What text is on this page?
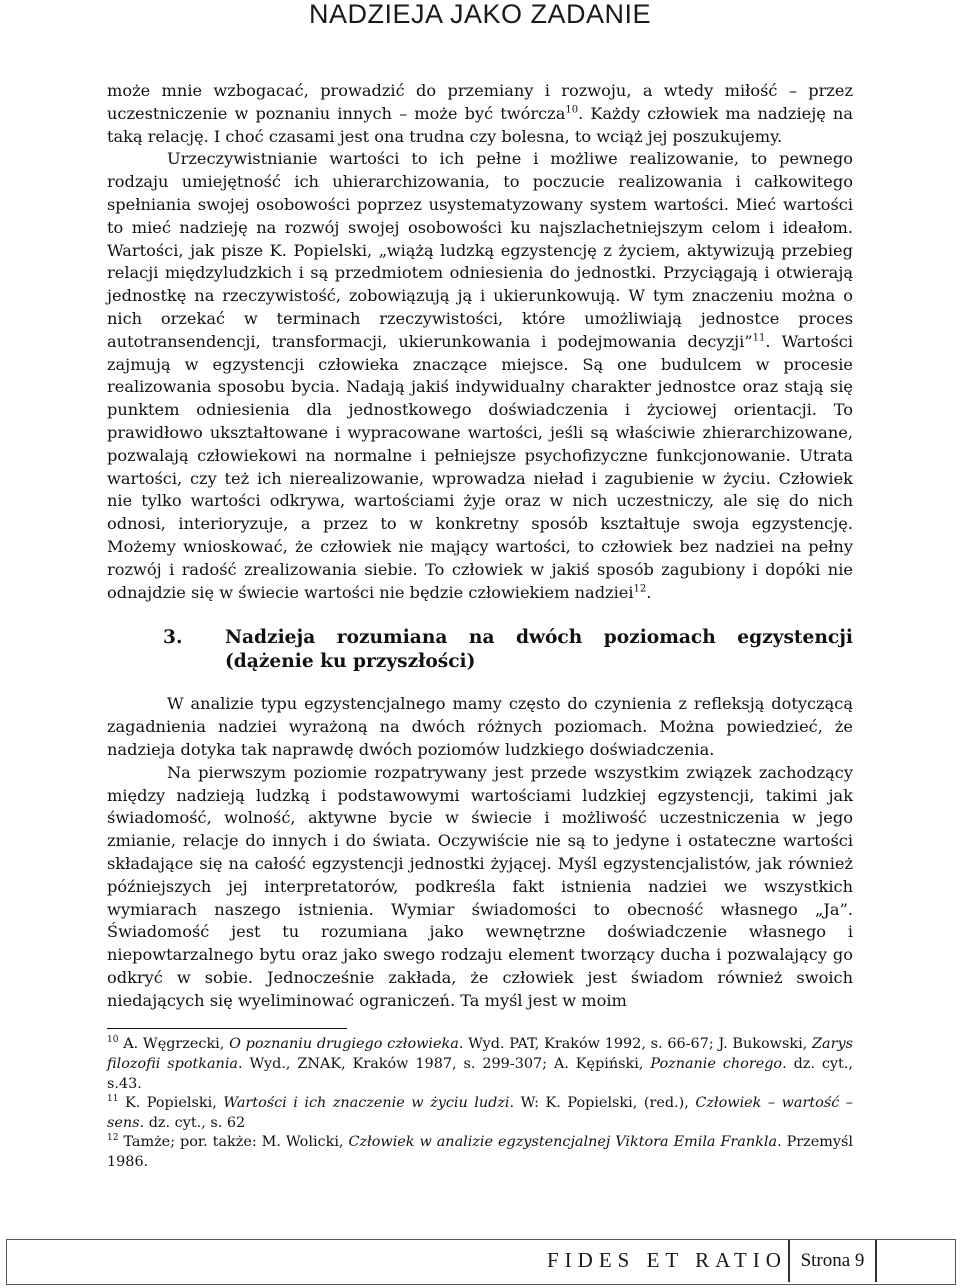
NADZIEJA JAKO ZADANIE

może mnie wzbogacać, prowadzić do przemiany i rozwoju, a wtedy miłość – przez uczestniczenie w poznaniu innych – może być twórcza$^{10}$. Każdy człowiek ma nadzieję na taką relację. I choć czasami jest ona trudna czy bolesna, to wciąż jej poszukujemy.

Urzeczywistnianie wartości to ich pełne i możliwe realizowanie, to pewnego rodzaju umiejętność ich uhierarchizowania, to poczucie realizowania i całkowitego spełniania swojej osobowości poprzez usystematyzowany system wartości. Mieć wartości to mieć nadzieję na rozwój swojej osobowości ku najszlachetniejszym celom i ideałom. Wartości, jak pisze K. Popielski, „wiążą ludzką egzystencję z życiem, aktywizują przebieg relacji międzyludzkich i są przedmiotem odniesienia do jednostki. Przyciągają i otwierają jednostkę na rzeczywistość, zobowiązują ją i ukierunkowują. W tym znaczeniu można o nich orzekać w terminach rzeczywistości, które umożliwiają jednostce proces autotransendencji, transformacji, ukierunkowania i podejmowania decyzji”$^{11}$. Wartości zajmują w egzystencji człowieka znaczące miejsce. Są one budulcem w procesie realizowania sposobu bycia. Nadają jakiś indywidualny charakter jednostce oraz stają się punktem odniesienia dla jednostkowego doświadczenia i życiowej orientacji. To prawidłowo ukształtowane i wypracowane wartości, jeśli są właściwie zhierarchizowane, pozwalają człowiekowi na normalne i pełniejsze psychofizyczne funkcjonowanie. Utrata wartości, czy też ich nierealizowanie, wprowadza nieład i zagubienie w życiu. Człowiek nie tylko wartości odkrywa, wartościami żyje oraz w nich uczestniczy, ale się do nich odnosi, interioryzuje, a przez to w konkretny sposób kształtuje swoja egzystencję. Możemy wnioskować, że człowiek nie mający wartości, to człowiek bez nadziei na pełny rozwój i radość zrealizowania siebie. To człowiek w jakiś sposób zagubiony i dopóki nie odnajdzie się w świecie wartości nie będzie człowiekiem nadziei$^{12}$.

3.	Nadzieja rozumiana na dwóch poziomach egzystencji (dążenie ku przyszłości)

W analizie typu egzystencjalnego mamy często do czynienia z refleksją dotyczącą zagadnienia nadziei wyrażoną na dwóch różnych poziomach. Można powiedzieć, że nadzieja dotyka tak naprawdę dwóch poziomów ludzkiego doświadczenia.

Na pierwszym poziomie rozpatrywany jest przede wszystkim związek zachodzący między nadzieją ludzką i podstawowymi wartościami ludzkiej egzystencji, takimi jak świadomość, wolność, aktywne bycie w świecie i możliwość uczestniczenia w jego zmianie, relacje do innych i do świata. Oczywiście nie są to jedyne i ostateczne wartości składające się na całość egzystencji jednostki żyjącej. Myśl egzystencjalistów, jak również późniejszych jej interpretatorów, podkreśla fakt istnienia nadziei we wszystkich wymiarach naszego istnienia. Wymiar świadomości to obecność własnego „Ja”. Świadomość jest tu rozumiana jako wewnętrzne doświadczenie własnego i niepowtarzalnego bytu oraz jako swego rodzaju element tworzący ducha i pozwalający go odkryć w sobie. Jednocześnie zakłada, że człowiek jest świadom również swoich niedających się wyeliminować ograniczeń. Ta myśl jest w moim

$^{10}$ A. Węgrzecki, O poznaniu drugiego człowieka. Wyd. PAT, Kraków 1992, s. 66-67; J. Bukowski, Zarys filozofii spotkania. Wyd., ZNAK, Kraków 1987, s. 299-307; A. Kępiński, Poznanie chorego. dz. cyt., s.43.

$^{11}$ K. Popielski, Wartości i ich znaczenie w życiu ludzi. W: K. Popielski, (red.), Człowiek – wartość – sens. dz. cyt., s. 62

$^{12}$ Tamże; por. także: M. Wolicki, Człowiek w analizie egzystencjalnej Viktora Emila Frankla. Przemyśl 1986.

FIDES ET RATIO Strona 9
